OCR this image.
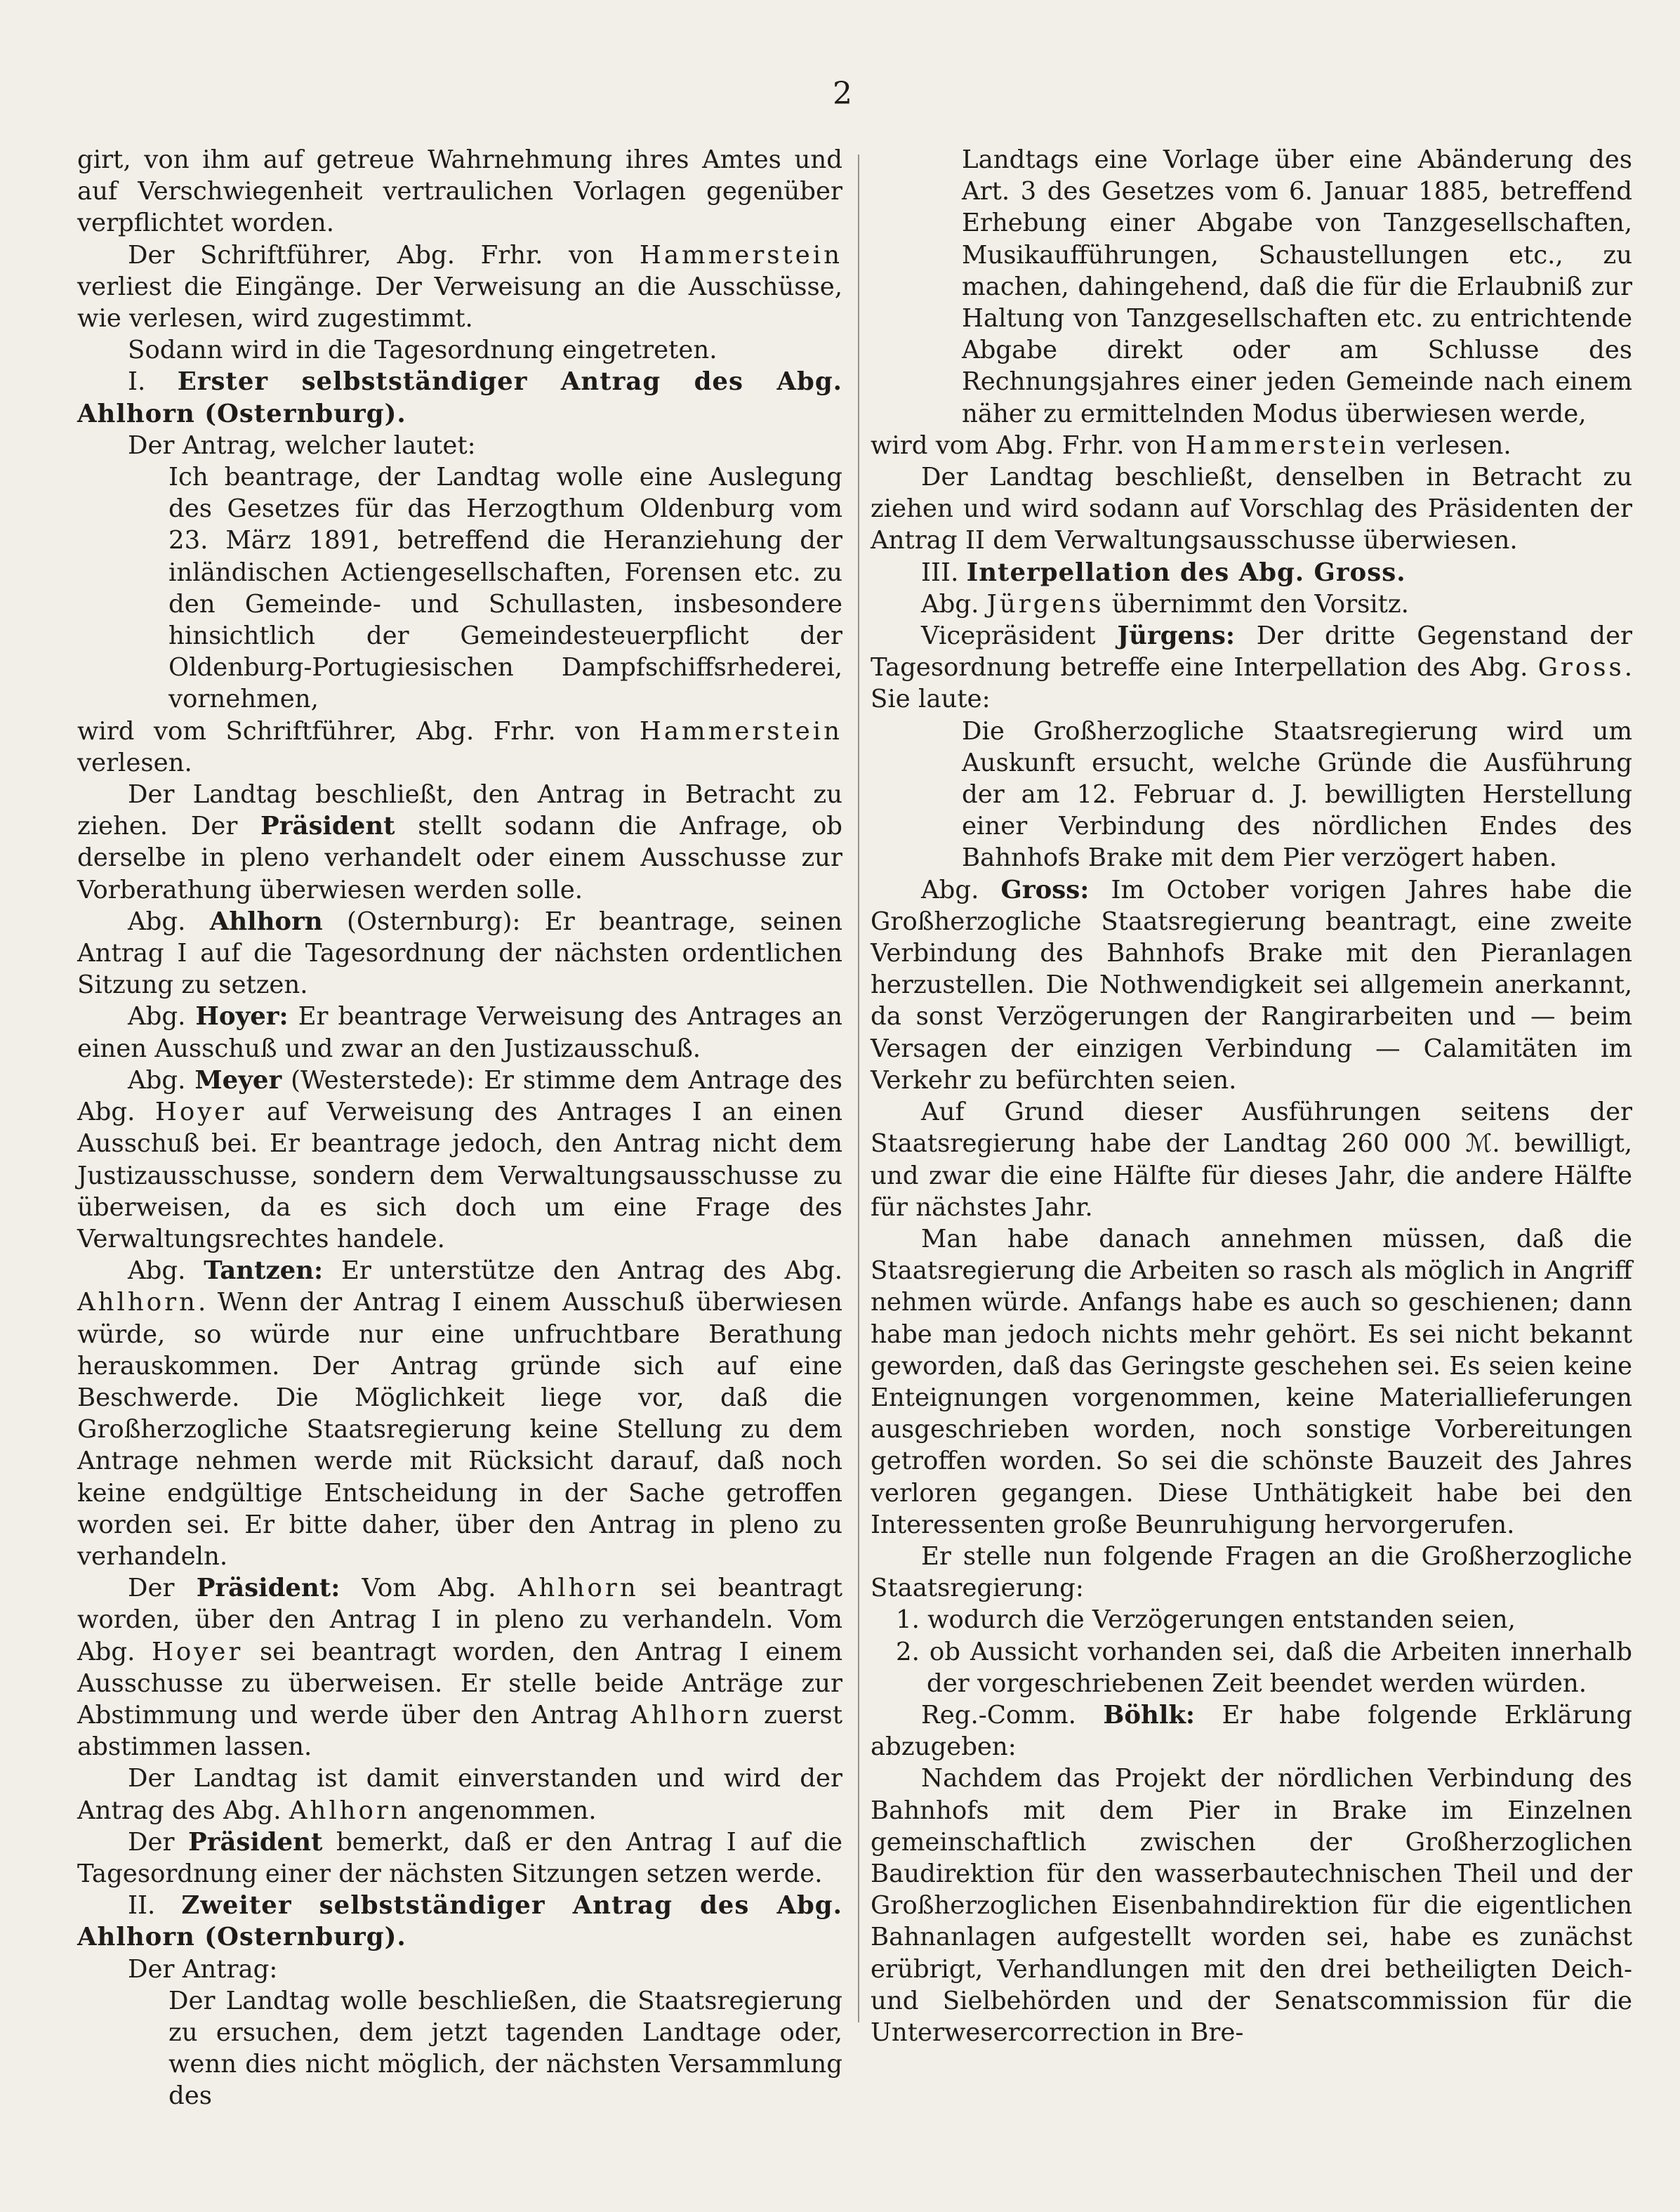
2

girt, von ihm auf getreue Wahrnehmung ihres Amtes und auf Verschwiegenheit vertraulichen Vorlagen gegenüber verpflichtet worden.

Der Schriftführer, Abg. Frhr. von Hammerstein verliest die Eingänge. Der Verweisung an die Ausschüsse, wie verlesen, wird zugestimmt.

Sodann wird in die Tagesordnung eingetreten.

I. Erster selbstständiger Antrag des Abg. Ahlhorn (Osternburg).

Der Antrag, welcher lautet:

Ich beantrage, der Landtag wolle eine Auslegung des Gesetzes für das Herzogthum Oldenburg vom 23. März 1891, betreffend die Heranziehung der inländischen Actiengesellschaften, Forensen etc. zu den Gemeinde- und Schullasten, insbesondere hinsichtlich der Gemeindesteuerpflicht der Oldenburg-Portugiesischen Dampfschiffsrhederei, vornehmen,

wird vom Schriftführer, Abg. Frhr. von Hammerstein verlesen.

Der Landtag beschließt, den Antrag in Betracht zu ziehen. Der Präsident stellt sodann die Anfrage, ob derselbe in pleno verhandelt oder einem Ausschusse zur Vorberathung überwiesen werden solle.

Abg. Ahlhorn (Osternburg): Er beantrage, seinen Antrag I auf die Tagesordnung der nächsten ordentlichen Sitzung zu setzen.

Abg. Hoyer: Er beantrage Verweisung des Antrages an einen Ausschuß und zwar an den Justizausschuß.

Abg. Meyer (Westerstede): Er stimme dem Antrage des Abg. Hoyer auf Verweisung des Antrages I an einen Ausschuß bei. Er beantrage jedoch, den Antrag nicht dem Justizausschusse, sondern dem Verwaltungsausschusse zu überweisen, da es sich doch um eine Frage des Verwaltungsrechtes handele.

Abg. Tantzen: Er unterstütze den Antrag des Abg. Ahlhorn. Wenn der Antrag I einem Ausschuß überwiesen würde, so würde nur eine unfruchtbare Berathung herauskommen. Der Antrag gründe sich auf eine Beschwerde. Die Möglichkeit liege vor, daß die Großherzogliche Staatsregierung keine Stellung zu dem Antrage nehmen werde mit Rücksicht darauf, daß noch keine endgültige Entscheidung in der Sache getroffen worden sei. Er bitte daher, über den Antrag in pleno zu verhandeln.

Der Präsident: Vom Abg. Ahlhorn sei beantragt worden, über den Antrag I in pleno zu verhandeln. Vom Abg. Hoyer sei beantragt worden, den Antrag I einem Ausschusse zu überweisen. Er stelle beide Anträge zur Abstimmung und werde über den Antrag Ahlhorn zuerst abstimmen lassen.

Der Landtag ist damit einverstanden und wird der Antrag des Abg. Ahlhorn angenommen.

Der Präsident bemerkt, daß er den Antrag I auf die Tagesordnung einer der nächsten Sitzungen setzen werde.

II. Zweiter selbstständiger Antrag des Abg. Ahlhorn (Osternburg).

Der Antrag:

Der Landtag wolle beschließen, die Staatsregierung zu ersuchen, dem jetzt tagenden Landtage oder, wenn dies nicht möglich, der nächsten Versammlung des

Landtags eine Vorlage über eine Abänderung des Art. 3 des Gesetzes vom 6. Januar 1885, betreffend Erhebung einer Abgabe von Tanzgesellschaften, Musikaufführungen, Schaustellungen etc., zu machen, dahingehend, daß die für die Erlaubniß zur Haltung von Tanzgesellschaften etc. zu entrichtende Abgabe direkt oder am Schlusse des Rechnungsjahres einer jeden Gemeinde nach einem näher zu ermittelnden Modus überwiesen werde,

wird vom Abg. Frhr. von Hammerstein verlesen.

Der Landtag beschließt, denselben in Betracht zu ziehen und wird sodann auf Vorschlag des Präsidenten der Antrag II dem Verwaltungsausschusse überwiesen.

III. Interpellation des Abg. Gross.

Abg. Jürgens übernimmt den Vorsitz.

Vicepräsident Jürgens: Der dritte Gegenstand der Tagesordnung betreffe eine Interpellation des Abg. Gross. Sie laute:

Die Großherzogliche Staatsregierung wird um Auskunft ersucht, welche Gründe die Ausführung der am 12. Februar d. J. bewilligten Herstellung einer Verbindung des nördlichen Endes des Bahnhofs Brake mit dem Pier verzögert haben.

Abg. Gross: Im October vorigen Jahres habe die Großherzogliche Staatsregierung beantragt, eine zweite Verbindung des Bahnhofs Brake mit den Pieranlagen herzustellen. Die Nothwendigkeit sei allgemein anerkannt, da sonst Verzögerungen der Rangirarbeiten und — beim Versagen der einzigen Verbindung — Calamitäten im Verkehr zu befürchten seien.

Auf Grund dieser Ausführungen seitens der Staatsregierung habe der Landtag 260 000 ℳ. bewilligt, und zwar die eine Hälfte für dieses Jahr, die andere Hälfte für nächstes Jahr.

Man habe danach annehmen müssen, daß die Staatsregierung die Arbeiten so rasch als möglich in Angriff nehmen würde. Anfangs habe es auch so geschienen; dann habe man jedoch nichts mehr gehört. Es sei nicht bekannt geworden, daß das Geringste geschehen sei. Es seien keine Enteignungen vorgenommen, keine Materiallieferungen ausgeschrieben worden, noch sonstige Vorbereitungen getroffen worden. So sei die schönste Bauzeit des Jahres verloren gegangen. Diese Unthätigkeit habe bei den Interessenten große Beunruhigung hervorgerufen.

Er stelle nun folgende Fragen an die Großherzogliche Staatsregierung:

1. wodurch die Verzögerungen entstanden seien,

2. ob Aussicht vorhanden sei, daß die Arbeiten innerhalb der vorgeschriebenen Zeit beendet werden würden.

Reg.-Comm. Böhlk: Er habe folgende Erklärung abzugeben:

Nachdem das Projekt der nördlichen Verbindung des Bahnhofs mit dem Pier in Brake im Einzelnen gemeinschaftlich zwischen der Großherzoglichen Baudirektion für den wasserbautechnischen Theil und der Großherzoglichen Eisenbahndirektion für die eigentlichen Bahnanlagen aufgestellt worden sei, habe es zunächst erübrigt, Verhandlungen mit den drei betheiligten Deich- und Sielbehörden und der Senatscommission für die Unterwesercorrection in Bre-
